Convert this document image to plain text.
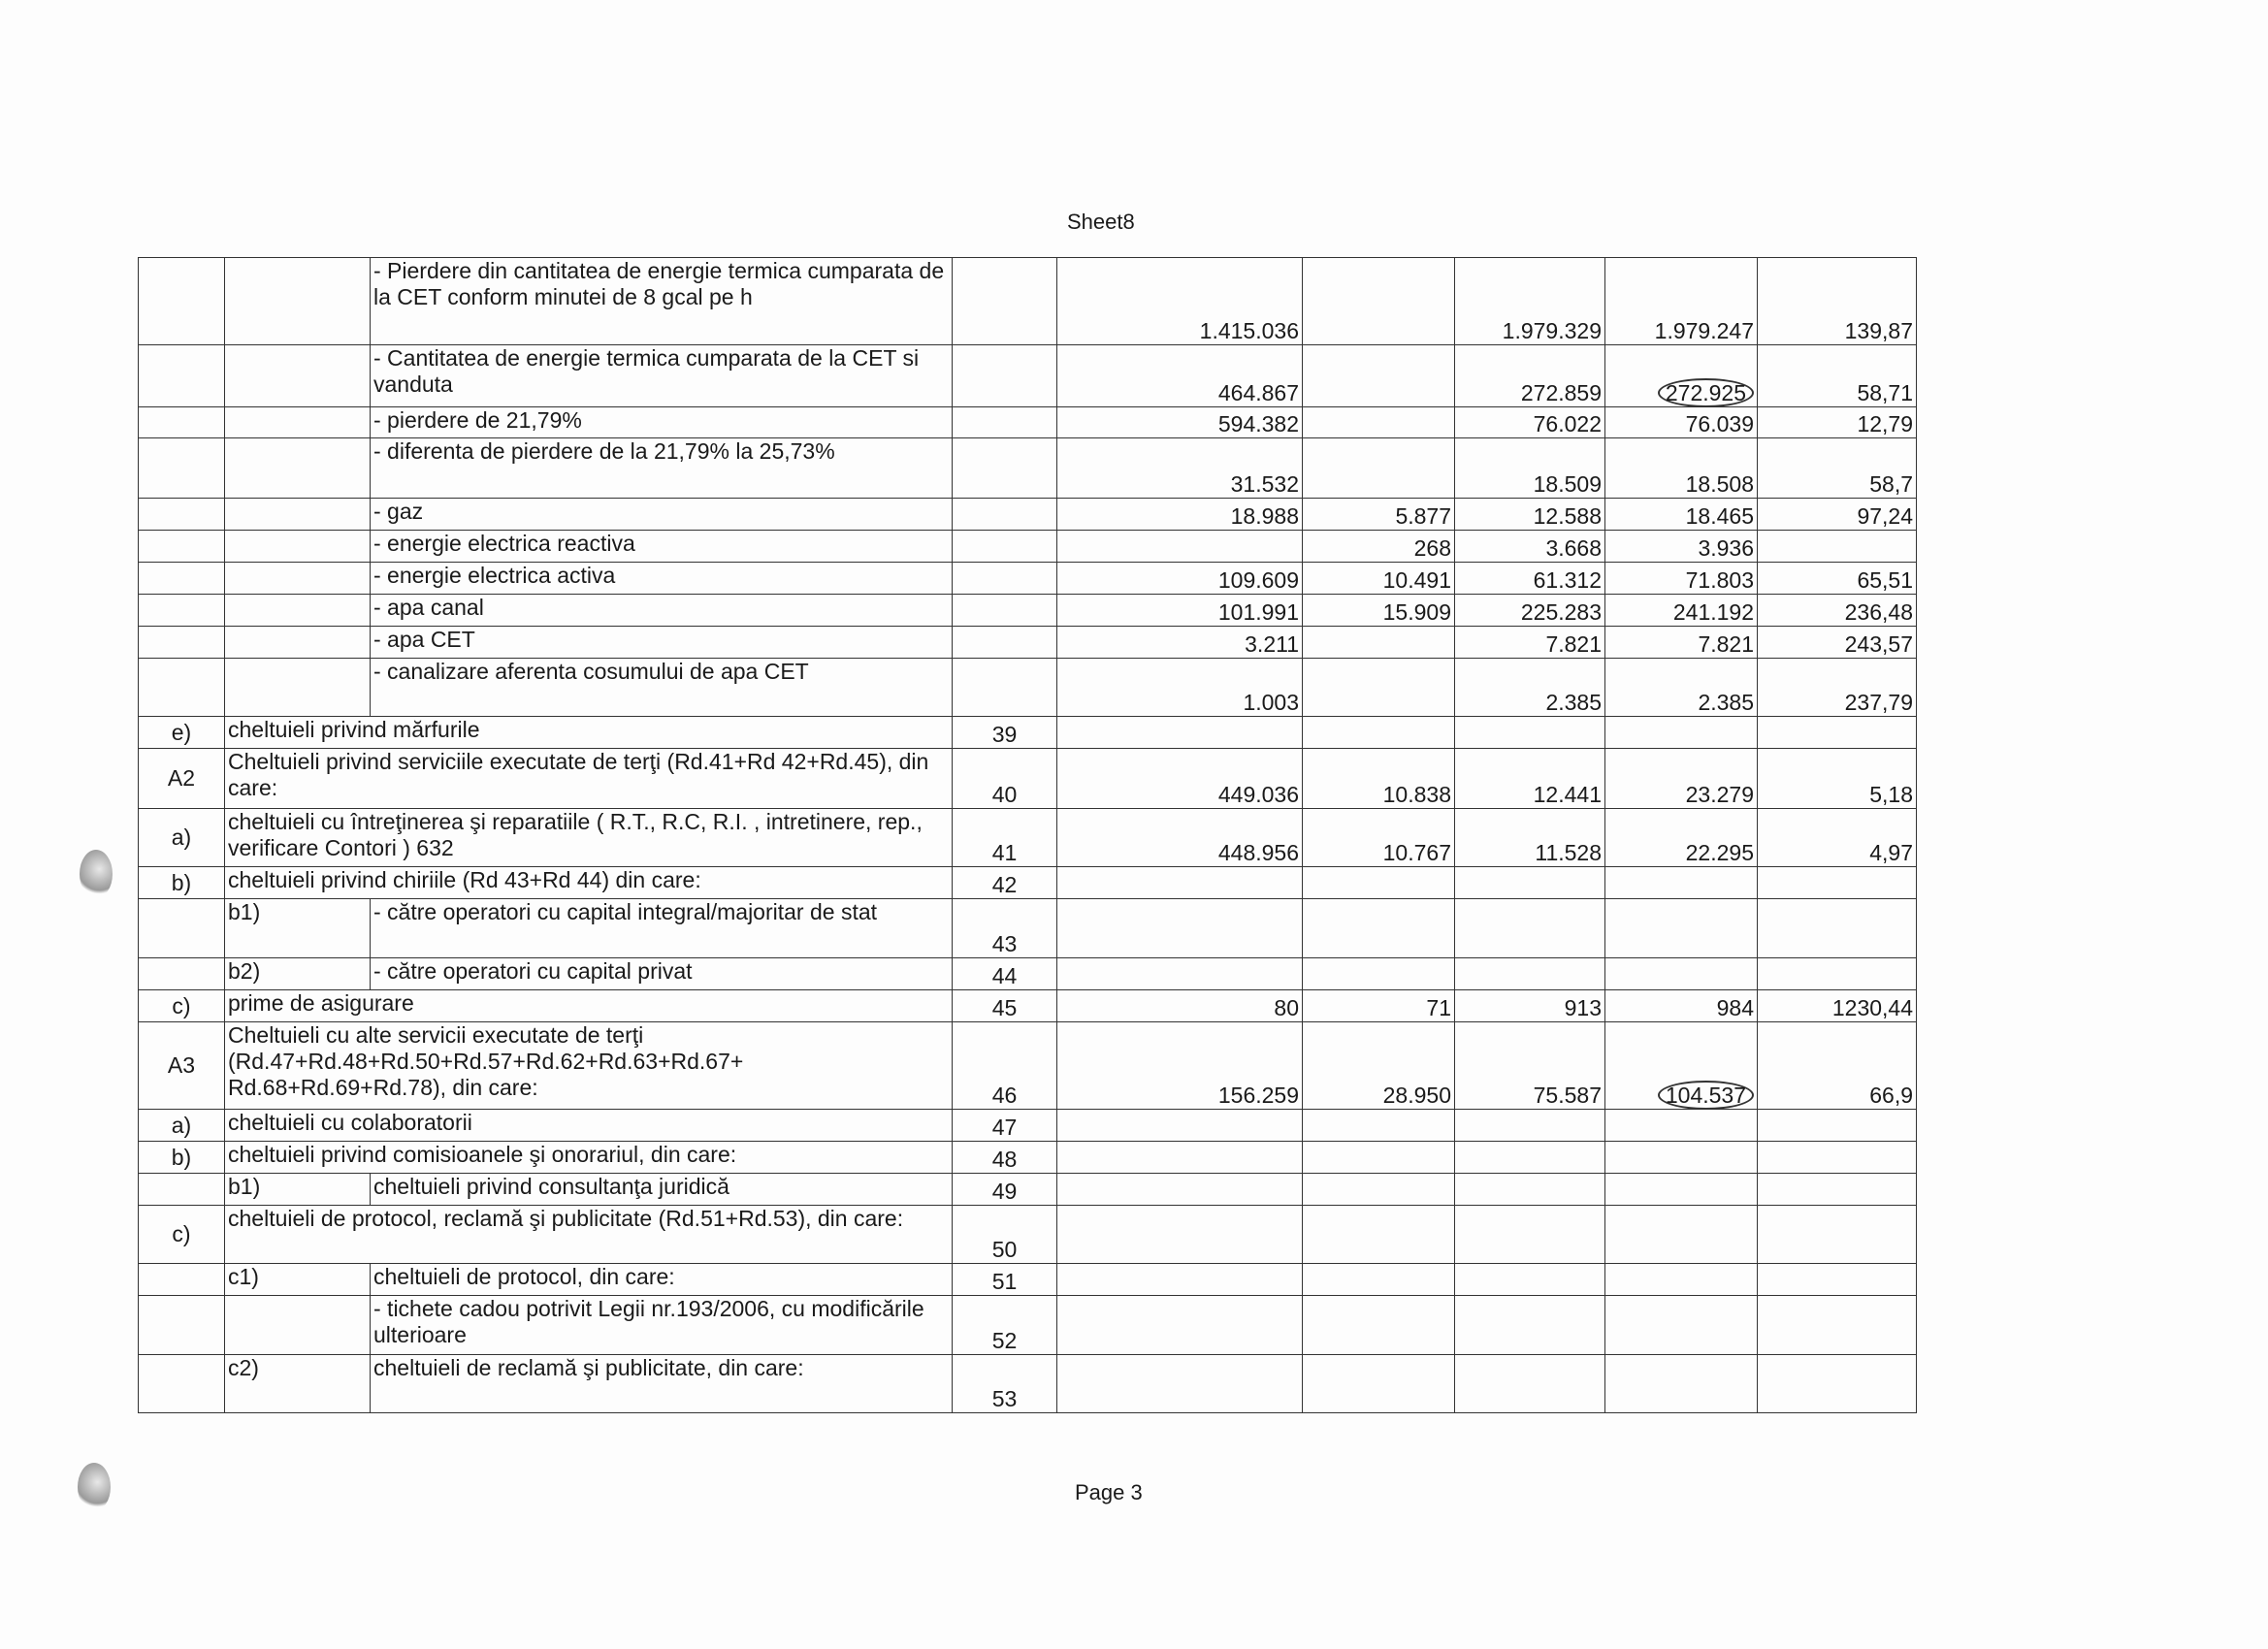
Sheet8
		- Pierdere din cantitatea de energie termica cumparata de la CET conform minutei de 8 gcal pe h		1.415.036		1.979.329	1.979.247	139,87
		- Cantitatea de energie termica cumparata de la CET si vanduta		464.867		272.859	272.925	58,71
		- pierdere de 21,79%		594.382		76.022	76.039	12,79
		- diferenta de pierdere de la 21,79% la 25,73%		31.532		18.509	18.508	58,7
		- gaz		18.988	5.877	12.588	18.465	97,24
		- energie electrica reactiva			268	3.668	3.936	
		- energie electrica activa		109.609	10.491	61.312	71.803	65,51
		- apa canal		101.991	15.909	225.283	241.192	236,48
		- apa CET		3.211		7.821	7.821	243,57
		- canalizare aferenta cosumului de apa CET		1.003		2.385	2.385	237,79
e)	cheltuieli privind mărfurile		39					
A2	Cheltuieli privind serviciile executate de terţi (Rd.41+Rd 42+Rd.45), din care:		40	449.036	10.838	12.441	23.279	5,18
a)	cheltuieli cu întreţinerea şi reparatiile ( R.T., R.C, R.I. , intretinere, rep., verificare Contori ) 632		41	448.956	10.767	11.528	22.295	4,97
b)	cheltuieli privind chiriile (Rd 43+Rd 44) din care:		42					
	b1)	- către operatori cu capital integral/majoritar de stat	43					
	b2)	- către operatori cu capital privat	44					
c)	prime de asigurare		45	80	71	913	984	1230,44
A3	Cheltuieli cu alte servicii executate de terţi (Rd.47+Rd.48+Rd.50+Rd.57+Rd.62+Rd.63+Rd.67+ Rd.68+Rd.69+Rd.78), din care:		46	156.259	28.950	75.587	104.537	66,9
a)	cheltuieli cu colaboratorii		47					
b)	cheltuieli privind comisioanele şi onorariul, din care:		48					
	b1)	cheltuieli privind consultanţa juridică	49					
c)	cheltuieli de protocol, reclamă şi publicitate (Rd.51+Rd.53), din care:		50					
	c1)	cheltuieli de protocol, din care:	51					
		- tichete cadou potrivit Legii nr.193/2006, cu modificările ulterioare	52					
	c2)	cheltuieli de reclamă şi publicitate, din care:	53					
Page 3
